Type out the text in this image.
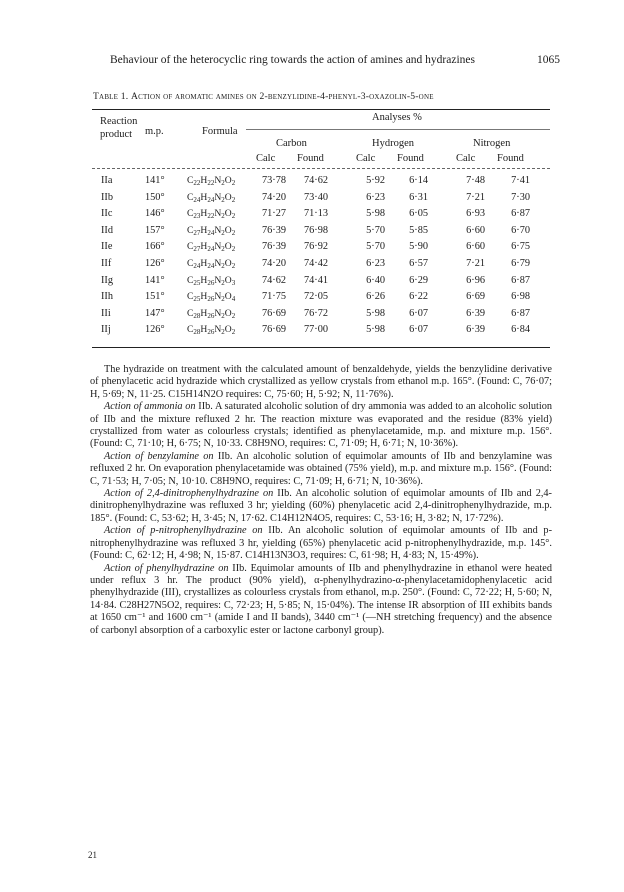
Behaviour of the heterocyclic ring towards the action of amines and hydrazines	1065
Table 1. Action of aromatic amines on 2-benzylidine-4-phenyl-3-oxazolin-5-one
Reaction
product m.p.	Formula
Analyses %
Carbon	Hydrogen	Nitrogen
Calc Found	Calc Found	Calc Found
IIa	141° $C_{22}H_{22}N_2O_2$	73·78	74·62	5·92	6·14	7·48	7·41
IIb	150° $C_{24}H_{24}N_2O_2$	74·20	73·40	6·23	6·31	7·21	7·30
IIc	146° $C_{23}H_{22}N_2O_2$	71·27	71·13	5·98	6·05	6·93	6·87
IId	157° $C_{27}H_{24}N_2O_2$	76·39	76·98	5·70	5·85	6·60	6·70
IIe	166° $C_{27}H_{24}N_2O_2$	76·39	76·92	5·70	5·90	6·60	6·75
IIf	126° $C_{24}H_{24}N_2O_2$	74·20	74·42	6·23	6·57	7·21	6·79
IIg	141° $C_{25}H_{26}N_2O_3$	74·62	74·41	6·40	6·29	6·96	6·87
IIh	151° $C_{25}H_{26}N_2O_4$	71·75	72·05	6·26	6·22	6·69	6·98
IIi	147° $C_{28}H_{26}N_2O_2$	76·69	76·72	5·98	6·07	6·39	6·87
IIj	126° $C_{28}H_{26}N_2O_2$	76·69	77·00	5·98	6·07	6·39	6·84

The hydrazide on treatment with the calculated amount of benzaldehyde, yields the benzylidine derivative of phenylacetic acid hydrazide which crystallized as yellow crystals from ethanol m.p. 165°. (Found: C, 76·07; H, 5·69; N, 11·25. C15H14N2O requires: C, 75·60; H, 5·92; N, 11·76%).

Action of ammonia on IIb. A saturated alcoholic solution of dry ammonia was added to an alcoholic solution of IIb and the mixture refluxed 2 hr. The reaction mixture was evaporated and the residue (83% yield) crystallized from water as colourless crystals; identified as phenylacetamide, m.p. and mixture m.p. 156°. (Found: C, 71·10; H, 6·75; N, 10·33. C8H9NO, requires: C, 71·09; H, 6·71; N, 10·36%).

Action of benzylamine on IIb. An alcoholic solution of equimolar amounts of IIb and benzylamine was refluxed 2 hr. On evaporation phenylacetamide was obtained (75% yield), m.p. and mixture m.p. 156°. (Found: C, 71·53; H, 7·05; N, 10·10. C8H9NO, requires: C, 71·09; H, 6·71; N, 10·36%).

Action of 2,4-dinitrophenylhydrazine on IIb. An alcoholic solution of equimolar amounts of IIb and 2,4-dinitrophenylhydrazine was refluxed 3 hr; yielding (60%) phenylacetic acid 2,4-dinitrophenylhydrazide, m.p. 185°. (Found: C, 53·62; H, 3·45; N, 17·62. C14H12N4O5, requires: C, 53·16; H, 3·82; N, 17·72%).

Action of p-nitrophenylhydrazine on IIb. An alcoholic solution of equimolar amounts of IIb and p-nitrophenylhydrazine was refluxed 3 hr, yielding (65%) phenylacetic acid p-nitrophenylhydrazide, m.p. 145°. (Found: C, 62·12; H, 4·98; N, 15·87. C14H13N3O3, requires: C, 61·98; H, 4·83; N, 15·49%).

Action of phenylhydrazine on IIb. Equimolar amounts of IIb and phenylhydrazine in ethanol were heated under reflux 3 hr. The product (90% yield), α-phenylhydrazino-α-phenylacetamidophenylacetic acid phenylhydrazide (III), crystallizes as colourless crystals from ethanol, m.p. 250°. (Found: C, 72·22; H, 5·60; N, 14·84. C28H27N5O2, requires: C, 72·23; H, 5·85; N, 15·04%). The intense IR absorption of III exhibits bands at 1650 cm⁻¹ and 1600 cm⁻¹ (amide I and II bands), 3440 cm⁻¹ (—NH stretching frequency) and the absence of carbonyl absorption of a carboxylic ester or lactone carbonyl group).

21
